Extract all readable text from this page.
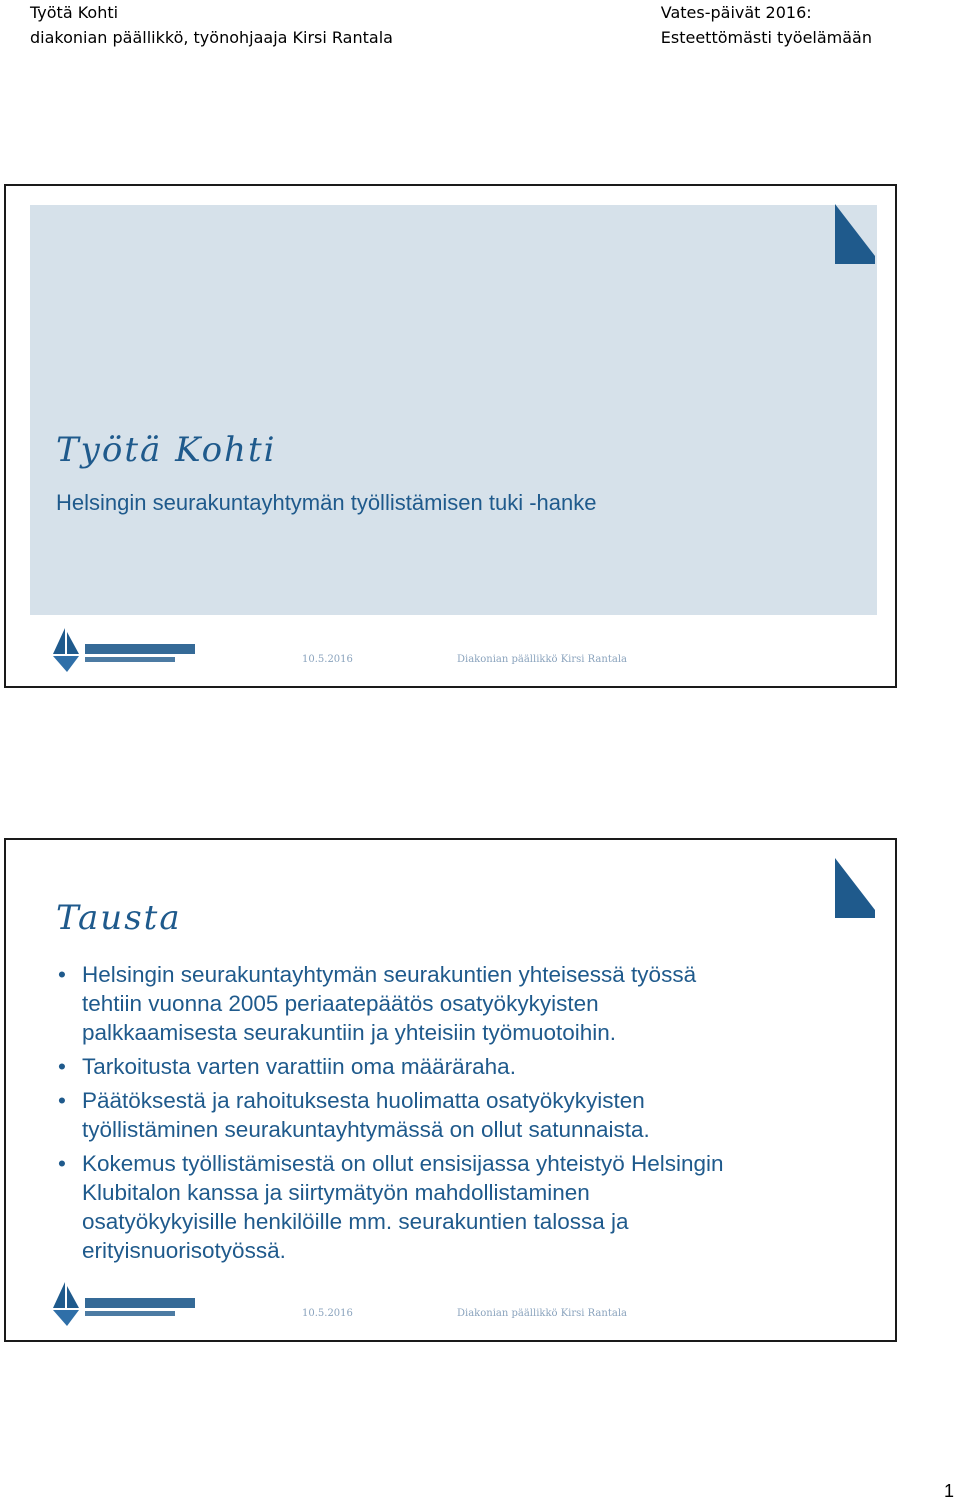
Työtä Kohti
diakonian päällikkö, työnohjaaja Kirsi Rantala
Vates-päivät 2016:
Esteettömästi työelämään
Työtä Kohti
Helsingin seurakuntayhtymän työllistämisen tuki -hanke
10.5.2016	Diakonian päällikkö Kirsi Rantala
Tausta
• Helsingin seurakuntayhtymän seurakuntien yhteisessä työssä
tehtiin vuonna 2005 periaatepäätös osatyökykyisten
palkkaamisesta seurakuntiin ja yhteisiin työmuotoihin.
• Tarkoitusta varten varattiin oma määräraha.
• Päätöksestä ja rahoituksesta huolimatta osatyökykyisten
työllistäminen seurakuntayhtymässä on ollut satunnaista.
• Kokemus työllistämisestä on ollut ensisijassa yhteistyö Helsingin
Klubitalon kanssa ja siirtymätyön mahdollistaminen
osatyökykyisille henkilöille mm. seurakuntien talossa ja
erityisnuorisotyössä.
10.5.2016	Diakonian päällikkö Kirsi Rantala
1
